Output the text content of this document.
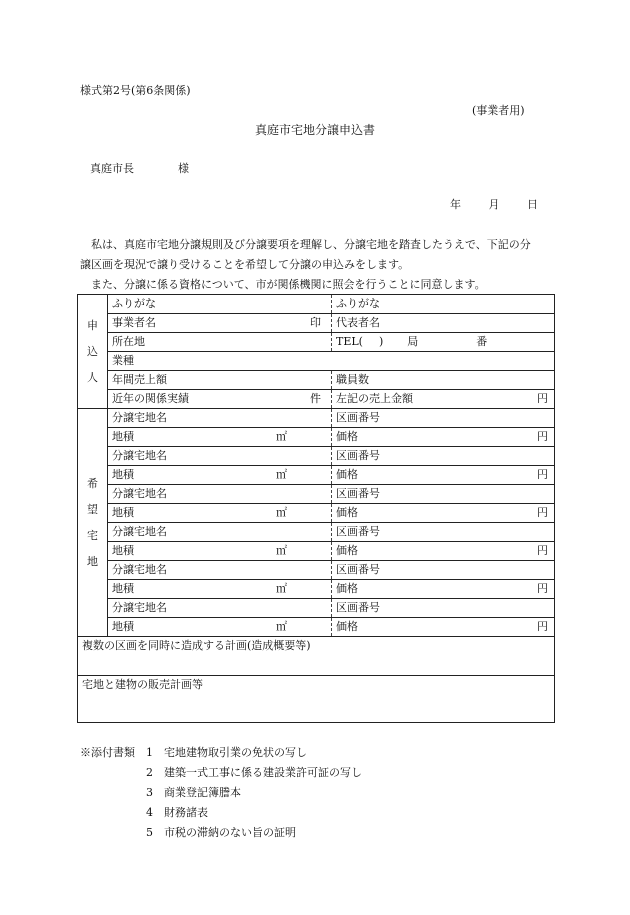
様式第2号(第6条関係)
(事業者用)
真庭市宅地分譲申込書
真庭市長	様
年	月	日

私は、真庭市宅地分譲規則及び分譲要項を理解し、分譲宅地を踏査したうえで、下記の分譲区画を現況で譲り受けることを希望して分譲の申込みをします。

また、分譲に係る資格について、市が関係機関に照会を行うことに同意します。

申
込
人	ふりがな	ふりがな
	事業者名 印	代表者名
	所在地	TEL( ) 局 番
	業種	
	年間売上額	職員数
	近年の関係実績 件	左記の売上金額 円

希
望
宅
地	分譲宅地名	区画番号
	地積 ㎡	価格 円

	分譲宅地名	区画番号
	地積 ㎡	価格 円

	分譲宅地名	区画番号
	地積 ㎡	価格 円

	分譲宅地名	区画番号
	地積 ㎡	価格 円

	分譲宅地名	区画番号
	地積 ㎡	価格 円

	分譲宅地名	区画番号
	地積 ㎡	価格 円

複数の区画を同時に造成する計画(造成概要等)		
宅地と建物の販売計画等		
※添付書類 1 宅地建物取引業の免状の写し
2 建築一式工事に係る建設業許可証の写し
3 商業登記簿謄本
4 財務諸表
5 市税の滞納のない旨の証明
